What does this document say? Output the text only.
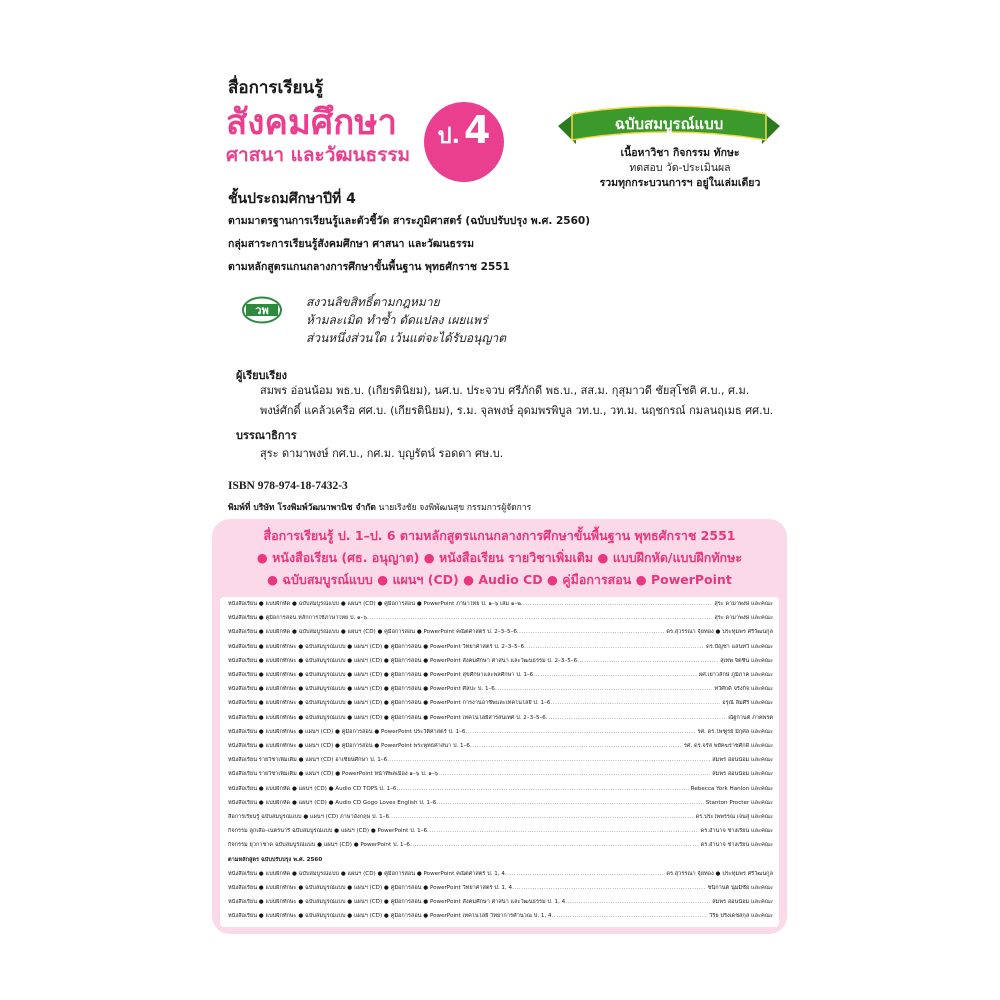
สื่อการเรียนรู้
สังคมศึกษา
ศาสนา และวัฒนธรรม
ป. 4	ฉบับสมบูรณ์แบบ
เนื้อหาวิชา กิจกรรม ทักษะ
ทดสอบ วัด-ประเมินผล
รวมทุกกระบวนการฯ อยู่ในเล่มเดียว
ชั้นประถมศึกษาปีที่ 4
ตามมาตรฐานการเรียนรู้และตัวชี้วัด สาระภูมิศาสตร์ (ฉบับปรับปรุง พ.ศ. 2560)
กลุ่มสาระการเรียนรู้สังคมศึกษา ศาสนา และวัฒนธรรม
ตามหลักสูตรแกนกลางการศึกษาขั้นพื้นฐาน พุทธศักราช 2551
วพ
สงวนลิขสิทธิ์ตามกฎหมาย
ห้ามละเมิด ทำซ้ำ ดัดแปลง เผยแพร่
ส่วนหนึ่งส่วนใด เว้นแต่จะได้รับอนุญาต
ผู้เรียบเรียง
สมพร อ่อนน้อม พธ.บ. (เกียรตินิยม), นศ.บ. ประจวบ ศรีภักดี พธ.บ., สส.ม. กุสุมาวดี ชัยสุโชติ ศ.บ., ศ.ม.
พงษ์ศักดิ์ แคล้วเครือ ศศ.บ. (เกียรตินิยม), ร.ม. จุลพงษ์ อุดมพรพิบูล วท.บ., วท.ม. นฤชกรณ์ กมลนฤเมธ ศศ.บ.
บรรณาธิการ
สุระ ดามาพงษ์ กศ.บ., กศ.ม. บุญรัตน์ รอดดา ศษ.บ.
ISBN 978-974-18-7432-3
พิมพ์ที่ บริษัท โรงพิมพ์วัฒนาพานิช จำกัด นายเริงชัย จงพิพัฒนสุข กรรมการผู้จัดการ
สื่อการเรียนรู้ ป. 1–ป. 6 ตามหลักสูตรแกนกลางการศึกษาขั้นพื้นฐาน พุทธศักราช 2551
● หนังสือเรียน (ศธ. อนุญาต) ● หนังสือเรียน รายวิชาเพิ่มเติม ● แบบฝึกหัด/แบบฝึกทักษะ
● ฉบับสมบูรณ์แบบ ● แผนฯ (CD) ● Audio CD ● คู่มือการสอน ● PowerPoint
หนังสือเรียน ● แบบฝึกหัด ● ฉบับสมบูรณ์แบบ ● แผนฯ (CD) ● คู่มือการสอน ● PowerPoint ภาษาไทย ป. ๑–๖ เล่ม ๑–๒ .....	สุระ ดามาพงษ์ และคณะ
หนังสือเรียน ● คู่มือการสอน หลักการใช้ภาษาไทย ป. ๑–๖ .....	สุระ ดามาพงษ์ และคณะ
หนังสือเรียน ● แบบฝึกหัด ● ฉบับสมบูรณ์แบบ ● แผนฯ (CD) ● คู่มือการสอน ● PowerPoint คณิตศาสตร์ ป. 2–3–5–6 .....	ดร.สุวรรณา จุ้ยทอง ● ประทุมพร ศรีวัฒนกูล
หนังสือเรียน ● แบบฝึกทักษะ ● ฉบับสมบูรณ์แบบ ● แผนฯ (CD) ● คู่มือการสอน ● PowerPoint วิทยาศาสตร์ ป. 2–3–5–6 .....	ดร.บัญชา แสนทวี และคณะ
หนังสือเรียน ● แบบฝึกทักษะ ● ฉบับสมบูรณ์แบบ ● แผนฯ (CD) ● คู่มือการสอน ● PowerPoint สังคมศึกษา ศาสนา และวัฒนธรรม ป. 2–3–5–6 .....	สุเทพ จิตชื่น และคณะ
หนังสือเรียน ● แบบฝึกทักษะ ● ฉบับสมบูรณ์แบบ ● แผนฯ (CD) ● คู่มือการสอน ● PowerPoint สุขศึกษาและพลศึกษา ป. 1–6 .....	ผศ.เยาวลักษ์ ภูมิภาค และคณะ
หนังสือเรียน ● แบบฝึกทักษะ ● ฉบับสมบูรณ์แบบ ● แผนฯ (CD) ● คู่มือการสอน ● PowerPoint ศิลปะ ป. 1–6 .....	ทวีศักดิ์ จริงกิจ และคณะ
หนังสือเรียน ● แบบฝึกทักษะ ● ฉบับสมบูรณ์แบบ ● แผนฯ (CD) ● คู่มือการสอน ● PowerPoint การงานอาชีพและเทคโนโลยี ป. 1–6 .....	อรุณี ลิมศิริ และคณะ
หนังสือเรียน ● แบบฝึกทักษะ ● ฉบับสมบูรณ์แบบ ● แผนฯ (CD) ● คู่มือการสอน ● PowerPoint เทคโนโลยีสารสนเทศ ป. 2–3–5–6 .....	ณัฐกานต์ ภาคพรต
หนังสือเรียน ● แบบฝึกทักษะ ● แผนฯ (CD) ● คู่มือการสอน ● PowerPoint ประวัติศาสตร์ ป. 1–6 .....	รศ. ดร.ไพฑูรย์ มีกุศล และคณะ
หนังสือเรียน ● แบบฝึกทักษะ ● แผนฯ (CD) ● คู่มือการสอน ● PowerPoint พระพุทธศาสนา ป. 1–6 .....	รศ. ดร.จรัส พยัคฆราชศักดิ์ และคณะ
หนังสือเรียน รายวิชาเพิ่มเติม ● แผนฯ (CD) อาเซียนศึกษา ป. 1–6 .....	สมพร อ่อนน้อม และคณะ
หนังสือเรียน รายวิชาเพิ่มเติม ● แผนฯ (CD) ● PowerPoint หน้าที่พลเมือง ๑–๖ ป. ๑–๖ .....	สมพร อ่อนน้อม และคณะ
หนังสือเรียน ● แบบฝึกหัด ● แผนฯ (CD) ● Audio CD TOPS ป. 1–6 .....	Rebecca York Hanlon และคณะ
หนังสือเรียน ● แบบฝึกหัด ● แผนฯ (CD) ● Audio CD Gogo Loves English ป. 1–6 .....	Stanton Procter และคณะ
สื่อการเรียนรู้ ฉบับสมบูรณ์แบบ ● แผนฯ (CD) ภาษาอังกฤษ ป. 1–6 .....	ดร.ประไพพรรณ เจนสุ และคณะ
กิจกรรม ลูกเสือ–เนตรนารี ฉบับสมบูรณ์แบบ ● แผนฯ (CD) ● PowerPoint ป. 1–6 .....	ดร.อำนาจ ช่างเรียน และคณะ
กิจกรรม ยุวกาชาด ฉบับสมบูรณ์แบบ ● แผนฯ (CD) ● PowerPoint ป. 1–6 .....	ดร.อำนาจ ช่างเรียน และคณะ
ตามหลักสูตร ฉบับปรับปรุง พ.ศ. 2560
หนังสือเรียน ● แบบฝึกหัด ● ฉบับสมบูรณ์แบบ ● แผนฯ (CD) ● คู่มือการสอน ● PowerPoint คณิตศาสตร์ ป. 1, 4 .....	ดร.สุวรรณา จุ้ยทอง ● ประทุมพร ศรีวัฒนกูล
หนังสือเรียน ● แบบฝึกทักษะ ● ฉบับสมบูรณ์แบบ ● แผนฯ (CD) ● คู่มือการสอน ● PowerPoint วิทยาศาสตร์ ป. 1, 4 .....	ชนิกานต์ นุ่มมีชัย และคณะ
หนังสือเรียน ● แบบฝึกทักษะ ● ฉบับสมบูรณ์แบบ ● แผนฯ (CD) ● คู่มือการสอน ● PowerPoint สังคมศึกษา ศาสนา และวัฒนธรรม ป. 1, 4 .....	สมพร อ่อนน้อม และคณะ
หนังสือเรียน ● แบบฝึกทักษะ ● ฉบับสมบูรณ์แบบ ● แผนฯ (CD) ● คู่มือการสอน ● PowerPoint เทคโนโลยี วิทยาการคำนวณ ป. 1, 4 .....	วิริย ปริงเดชสกุล และคณะ
